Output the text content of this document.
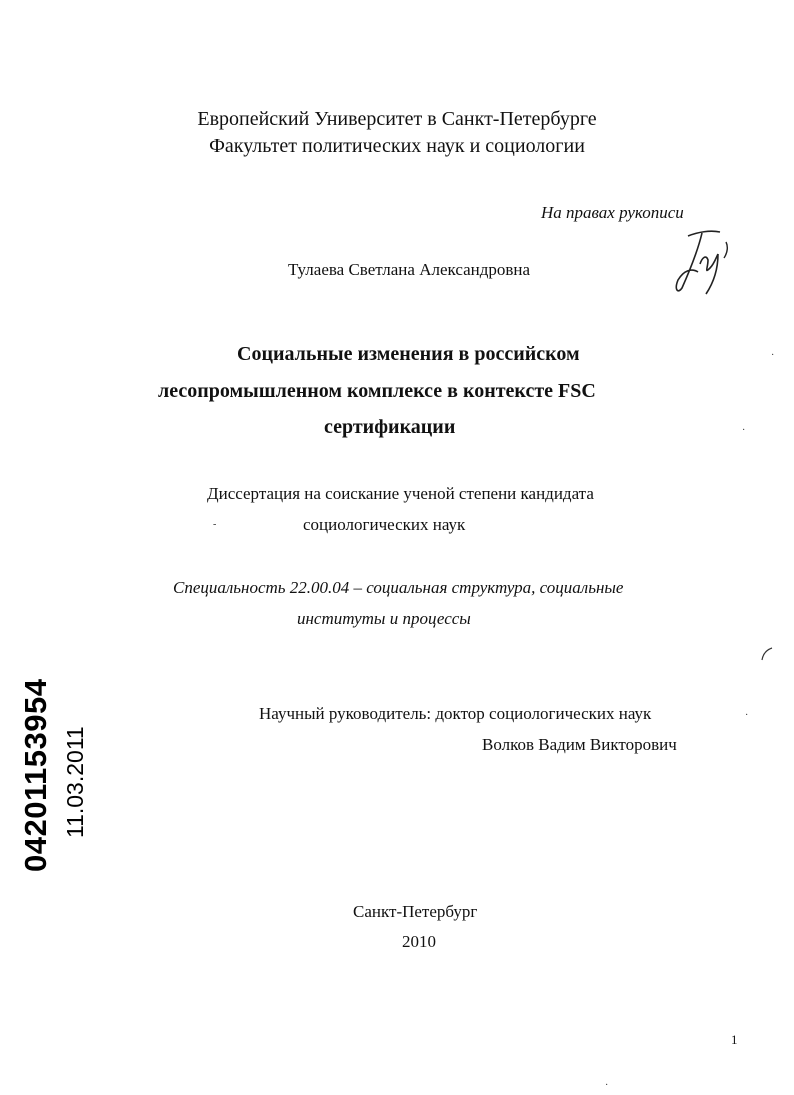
Европейский Университет в Санкт-Петербурге
Факультет политических наук и социологии
На правах рукописи
Тулаева Светлана Александровна
Социальные изменения в российском
лесопромышленном комплексе в контексте FSC
сертификации
Диссертация на соискание ученой степени кандидата
социологических наук
Специальность 22.00.04 – социальная структура, социальные
институты и процессы
Научный руководитель: доктор социологических наук
Волков Вадим Викторович
Санкт-Петербург
2010
1
04201153954 11.03.2011
·
·
-
·
·
